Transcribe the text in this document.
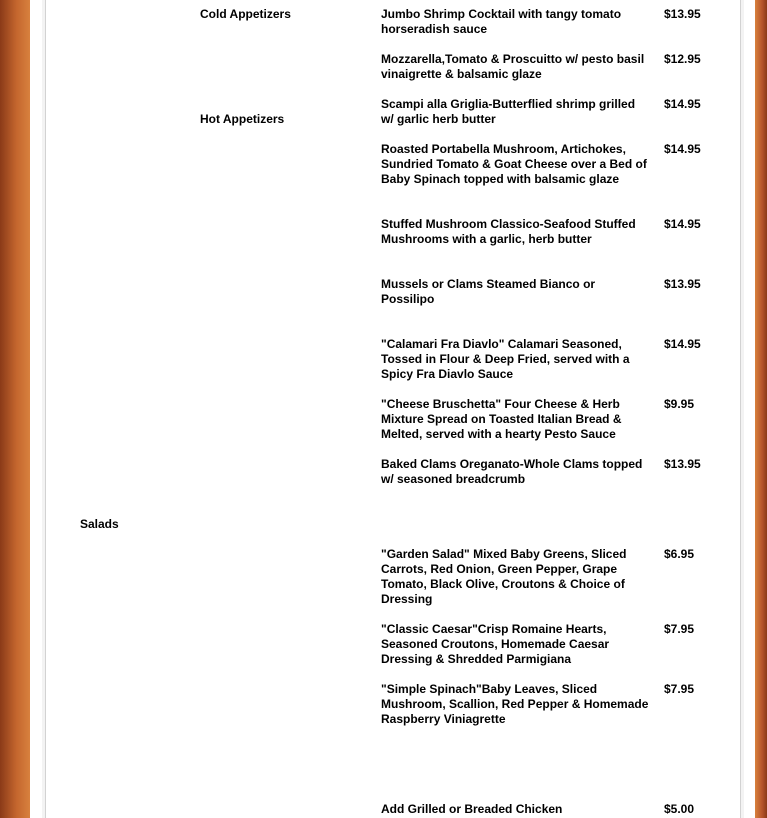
Cold Appetizers

Hot Appetizers

Salads

Jumbo Shrimp Cocktail with tangy tomato horseradish sauce

$13.95

Mozzarella,Tomato & Proscuitto w/ pesto basil vinaigrette & balsamic glaze

$12.95

Scampi alla Griglia-Butterflied shrimp grilled w/ garlic herb butter

$14.95

Roasted Portabella Mushroom, Artichokes, Sundried Tomato & Goat Cheese over a Bed of Baby Spinach topped with balsamic glaze

$14.95

Stuffed Mushroom Classico-Seafood Stuffed Mushrooms with a garlic, herb butter

$14.95

Mussels or Clams Steamed Bianco or Possilipo

$13.95

"Calamari Fra Diavlo" Calamari Seasoned, Tossed in Flour & Deep Fried, served with a Spicy Fra Diavlo Sauce

$14.95

"Cheese Bruschetta" Four Cheese & Herb Mixture Spread on Toasted Italian Bread & Melted, served with a hearty Pesto Sauce

$9.95

Baked Clams Oreganato-Whole Clams topped w/ seasoned breadcrumb

$13.95

"Garden Salad" Mixed Baby Greens, Sliced Carrots, Red Onion, Green Pepper, Grape Tomato, Black Olive, Croutons & Choice of Dressing

$6.95

"Classic Caesar"Crisp Romaine Hearts, Seasoned Croutons, Homemade Caesar Dressing & Shredded Parmigiana

$7.95

"Simple Spinach"Baby Leaves, Sliced Mushroom, Scallion, Red Pepper & Homemade Raspberry Viniagrette

$7.95

Add Grilled or Breaded Chicken	$5.00
